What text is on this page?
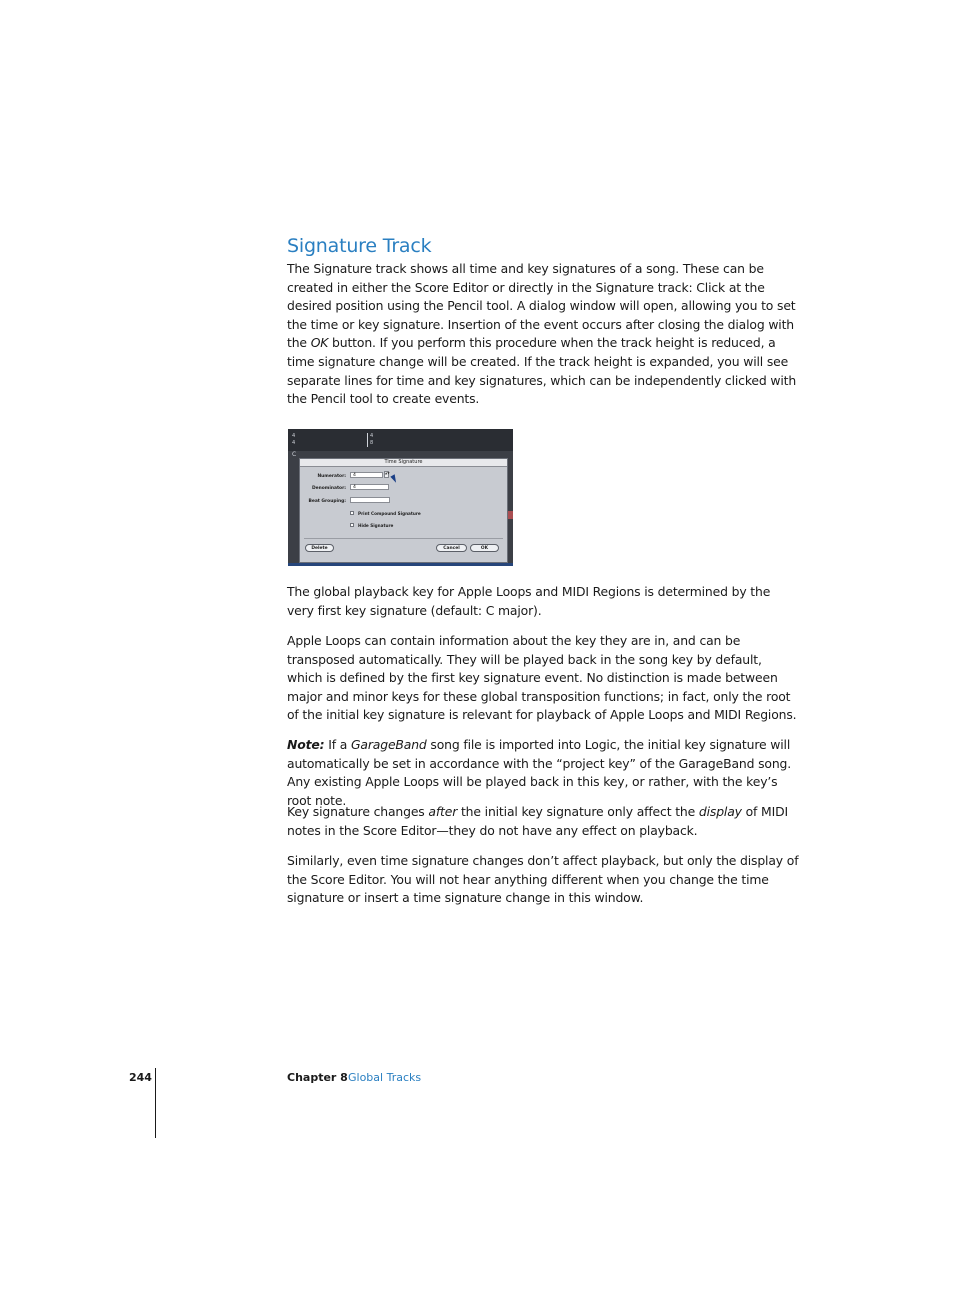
Signature Track

The Signature track shows all time and key signatures of a song. These can be created in either the Score Editor or directly in the Signature track: Click at the desired position using the Pencil tool. A dialog window will open, allowing you to set the time or key signature. Insertion of the event occurs after closing the dialog with the OK button. If you perform this procedure when the track height is reduced, a time signature change will be created. If the track height is expanded, you will see separate lines for time and key signatures, which can be independently clicked with the Pencil tool to create events.

4
4
4
8
C
Time Signature
Numerator:	4	▲▼
Denominator:	4
Beat Grouping:
Print Compound Signature
Hide Signature
Delete	Cancel	OK

The global playback key for Apple Loops and MIDI Regions is determined by the very first key signature (default: C major).

Apple Loops can contain information about the key they are in, and can be transposed automatically. They will be played back in the song key by default, which is defined by the first key signature event. No distinction is made between major and minor keys for these global transposition functions; in fact, only the root of the initial key signature is relevant for playback of Apple Loops and MIDI Regions.

Note: If a GarageBand song file is imported into Logic, the initial key signature will automatically be set in accordance with the “project key” of the GarageBand song. Any existing Apple Loops will be played back in this key, or rather, with the key’s root note.

Key signature changes after the initial key signature only affect the display of MIDI notes in the Score Editor—they do not have any effect on playback.

Similarly, even time signature changes don’t affect playback, but only the display of the Score Editor. You will not hear anything different when you change the time signature or insert a time signature change in this window.

244	Chapter 8 Global Tracks
